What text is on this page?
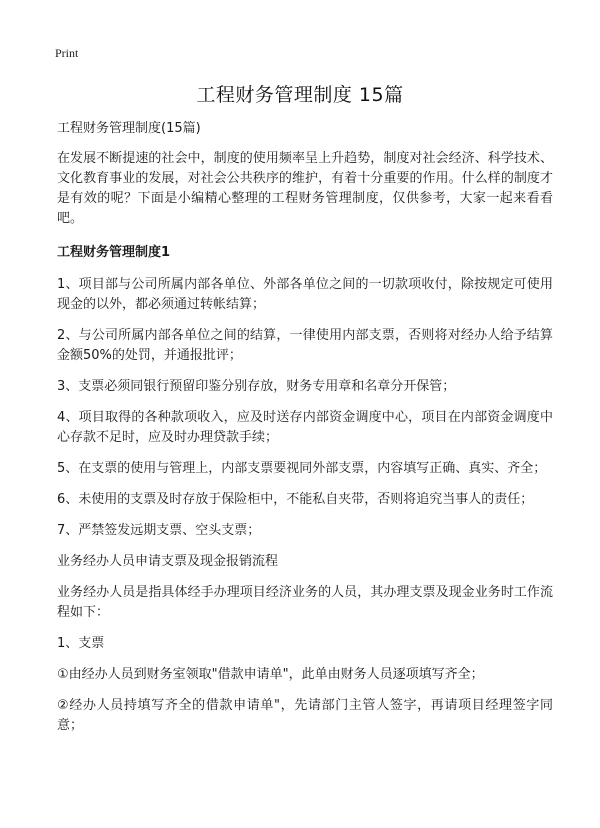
Print
工程财务管理制度 15篇

工程财务管理制度(15篇)

在发展不断提速的社会中，制度的使用频率呈上升趋势，制度对社会经济、科学技术、文化教育事业的发展，对社会公共秩序的维护，有着十分重要的作用。什么样的制度才是有效的呢？下面是小编精心整理的工程财务管理制度，仅供参考，大家一起来看看吧。

工程财务管理制度1

1、项目部与公司所属内部各单位、外部各单位之间的一切款项收付，除按规定可使用现金的以外，都必须通过转帐结算；

2、与公司所属内部各单位之间的结算，一律使用内部支票，否则将对经办人给予结算金额50%的处罚，并通报批评；

3、支票必须同银行预留印鉴分别存放，财务专用章和名章分开保管；

4、项目取得的各种款项收入，应及时送存内部资金调度中心，项目在内部资金调度中心存款不足时，应及时办理贷款手续；

5、在支票的使用与管理上，内部支票要视同外部支票，内容填写正确、真实、齐全；

6、未使用的支票及时存放于保险柜中，不能私自夹带，否则将追究当事人的责任；

7、严禁签发远期支票、空头支票；

业务经办人员申请支票及现金报销流程

业务经办人员是指具体经手办理项目经济业务的人员，其办理支票及现金业务时工作流程如下：

1、支票

①由经办人员到财务室领取"借款申请单"，此单由财务人员逐项填写齐全；

②经办人员持填写齐全的借款申请单"，先请部门主管人签字，再请项目经理签字同意；
